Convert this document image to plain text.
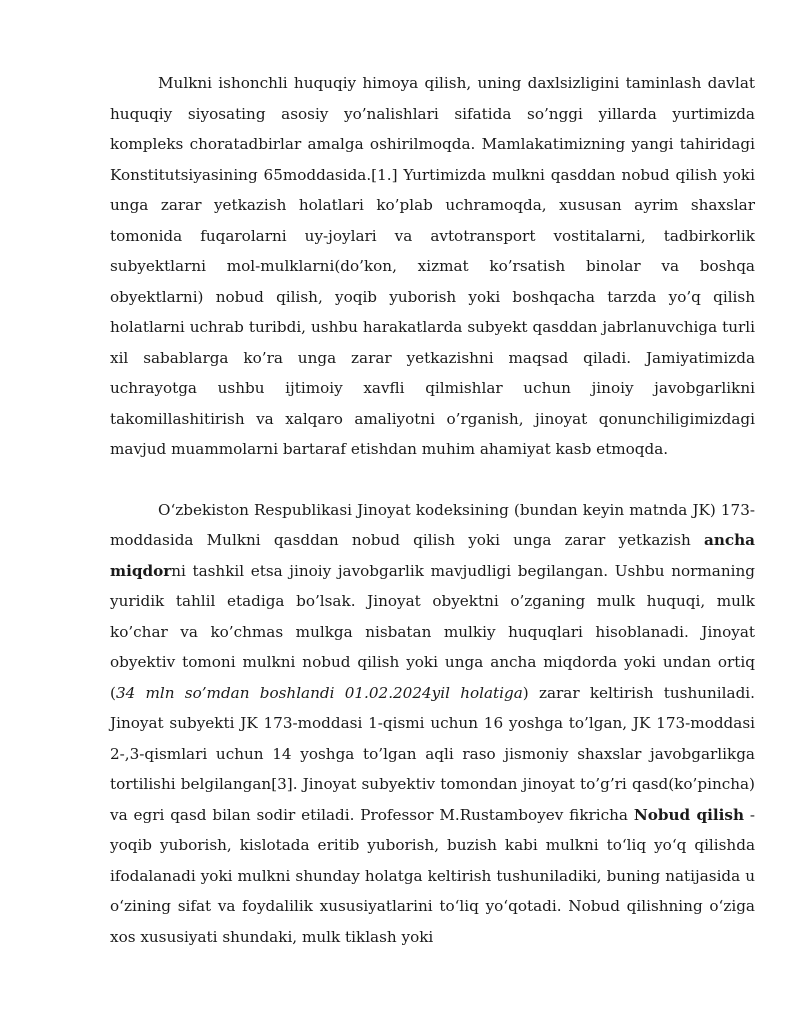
Mulkni ishonchli huquqiy himoya qilish, uning daxlsizligini taminlash davlat huquqiy siyosating asosiy yo’nalishlari sifatida so’nggi yillarda yurtimizda kompleks choratadbirlar amalga oshirilmoqda. Mamlakatimizning yangi tahiridagi Konstitutsiyasining 65moddasida.[1.] Yurtimizda mulkni qasddan nobud qilish yoki unga zarar yetkazish holatlari ko’plab uchramoqda, xususan ayrim shaxslar tomonida fuqarolarni uy-joylari va avtotransport vostitalarni, tadbirkorlik subyektlarni mol-mulklarni(do’kon, xizmat ko’rsatish binolar va boshqa obyektlarni) nobud qilish, yoqib yuborish yoki boshqacha tarzda yo’q qilish holatlarni uchrab turibdi, ushbu harakatlarda subyekt qasddan jabrlanuvchiga turli xil sabablarga ko’ra unga zarar yetkazishni maqsad qiladi. Jamiyatimizda uchrayotga ushbu ijtimoiy xavfli qilmishlar uchun jinoiy javobgarlikni takomillashitirish va xalqaro amaliyotni o’rganish, jinoyat qonunchiligimizdagi mavjud muammolarni bartaraf etishdan muhim ahamiyat kasb etmoqda.

O‘zbekiston Respublikasi Jinoyat kodeksining (bundan keyin matnda JK) 173-moddasida Mulkni qasddan nobud qilish yoki unga zarar yetkazish ancha miqdorni tashkil etsa jinoiy javobgarlik mavjudligi begilangan. Ushbu normaning yuridik tahlil etadiga bo’lsak. Jinoyat obyektni o’zganing mulk huquqi, mulk ko’char va ko’chmas mulkga nisbatan mulkiy huquqlari hisoblanadi. Jinoyat obyektiv tomoni mulkni nobud qilish yoki unga ancha miqdorda yoki undan ortiq (34 mln so’mdan boshlandi 01.02.2024yil holatiga) zarar keltirish tushuniladi. Jinoyat subyekti JK 173-moddasi 1-qismi uchun 16 yoshga to’lgan, JK 173-moddasi 2-,3-qismlari uchun 14 yoshga to’lgan aqli raso jismoniy shaxslar javobgarlikga tortilishi belgilangan[3]. Jinoyat subyektiv tomondan jinoyat to’g’ri qasd(ko’pincha) va egri qasd bilan sodir etiladi. Professor M.Rustamboyev fikricha Nobud qilish - yoqib yuborish, kislotada eritib yuborish, buzish kabi mulkni to‘liq yo‘q qilishda ifodalanadi yoki mulkni shunday holatga keltirish tushuniladiki, buning natijasida u o‘zining sifat va foydalilik xususiyatlarini to‘liq yo‘qotadi. Nobud qilishning o‘ziga xos xususiyati shundaki, mulk tiklash yoki
